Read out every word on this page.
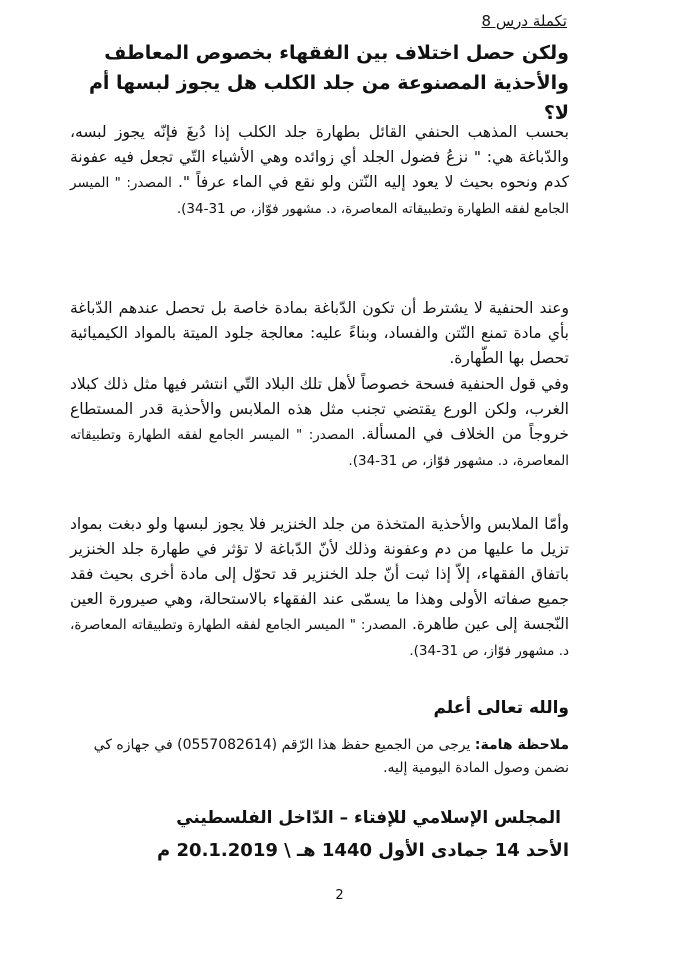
تكملة درس 8
ولكن حصل اختلاف بين الفقهاء بخصوص المعاطف والأحذية المصنوعة من جلد الكلب هل يجوز لبسها أم لا؟
بحسب المذهب الحنفي القائل بطهارة جلد الكلب إذا دُبغَ فإنّه يجوز لبسه، والدّباغة هي: " نزعُ فضول الجلد أي زوائده وهي الأشياء التّي تجعل فيه عفونة كدم ونحوه بحيث لا يعود إليه النّتن ولو نقع في الماء عرفاً ". المصدر: " الميسر الجامع لفقه الطهارة وتطبيقاته المعاصرة، د. مشهور فوّاز، ص 31-34).
وعند الحنفية لا يشترط أن تكون الدّباغة بمادة خاصة بل تحصل عندهم الدّباغة بأي مادة تمنع النّتن والفساد، وبناءً عليه: معالجة جلود الميتة بالمواد الكيميائية تحصل بها الطّهارة.
وفي قول الحنفية فسحة خصوصاً لأهل تلك البلاد التّي انتشر فيها مثل ذلك كبلاد الغرب، ولكن الورع يقتضي تجنب مثل هذه الملابس والأحذية قدر المستطاع خروجاً من الخلاف في المسألة. المصدر: " الميسر الجامع لفقه الطهارة وتطبيقاته المعاصرة، د. مشهور فوّاز، ص 31-34).
وأمّا الملابس والأحذية المتخذة من جلد الخنزير فلا يجوز لبسها ولو دبغت بمواد تزيل ما عليها من دم وعفونة وذلك لأنّ الدّباغة لا تؤثر في طهارة جلد الخنزير باتفاق الفقهاء، إلاّ إذا ثبت أنّ جلد الخنزير قد تحوّل إلى مادة أخرى بحيث فقد جميع صفاته الأولى وهذا ما يسمّى عند الفقهاء بالاستحالة، وهي صيرورة العين النّجسة إلى عين طاهرة. المصدر: " الميسر الجامع لفقه الطهارة وتطبيقاته المعاصرة، د. مشهور فوّاز، ص 31-34).
والله تعالى أعلم
ملاحظة هامة: يرجى من الجميع حفظ هذا الرّقم (0557082614) في جهازه كي نضمن وصول المادة اليومية إليه.
المجلس الإسلامي للإفتاء – الدّاخل الفلسطيني
الأحد 14 جمادى الأول 1440 هـ \ 20.1.2019 م
2
